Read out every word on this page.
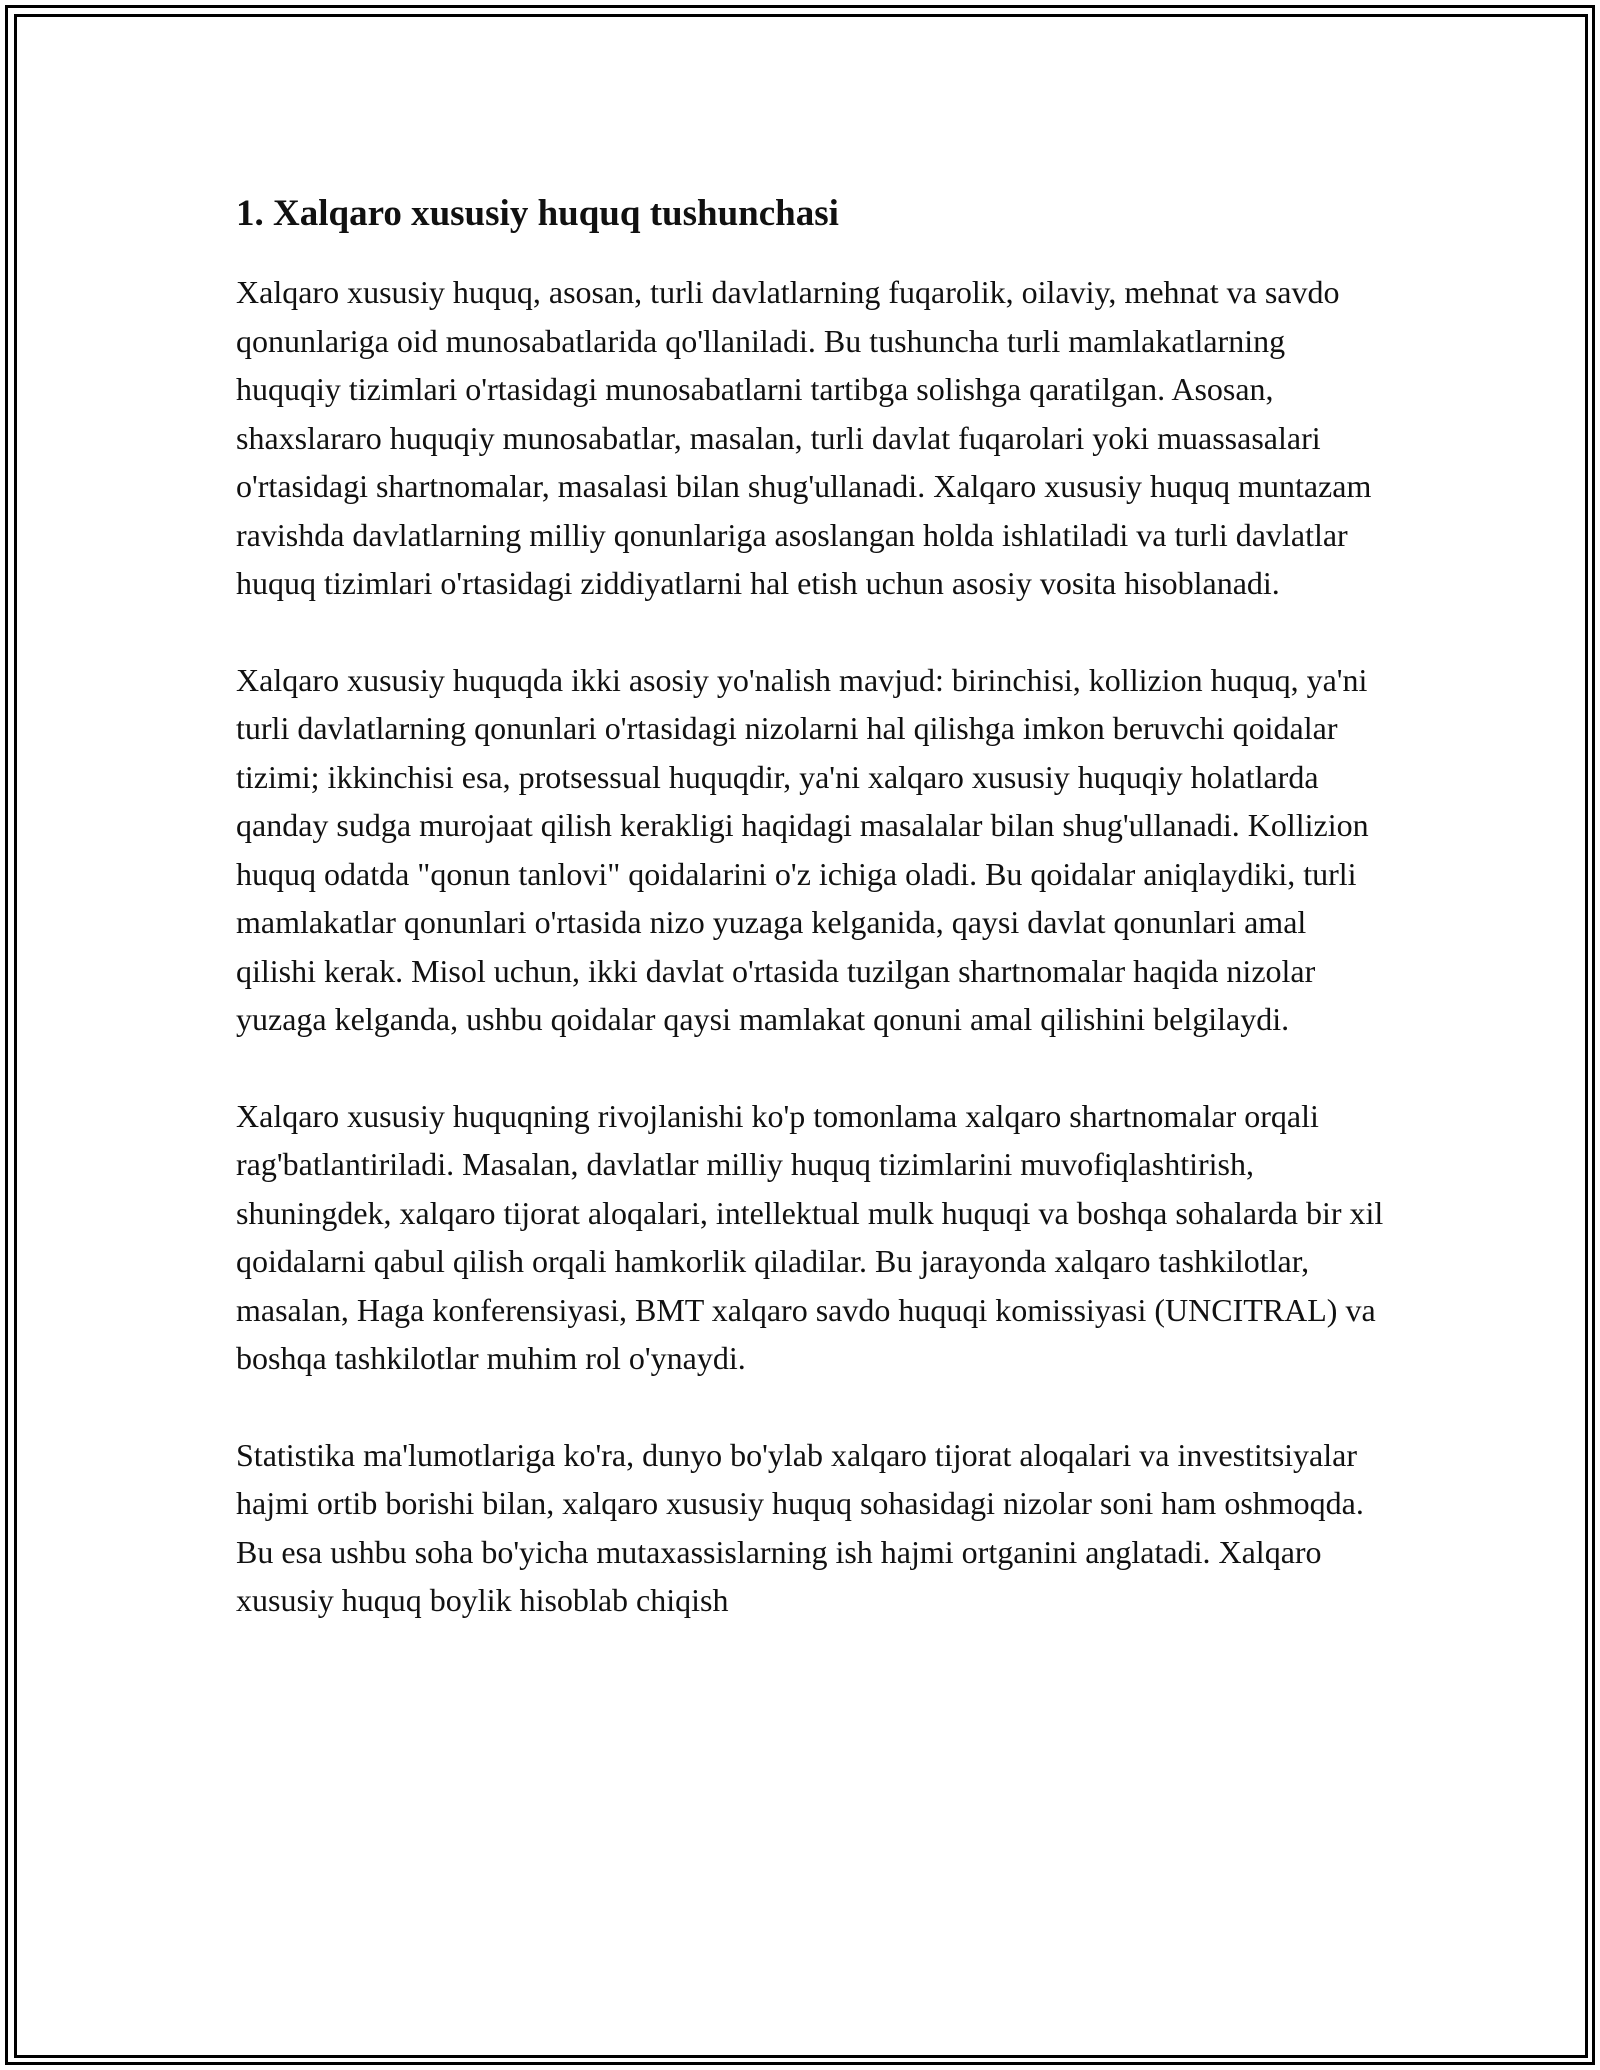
1. Xalqaro xususiy huquq tushunchasi

Xalqaro xususiy huquq, asosan, turli davlatlarning fuqarolik, oilaviy, mehnat va savdo qonunlariga oid munosabatlarida qo'llaniladi. Bu tushuncha turli mamlakatlarning huquqiy tizimlari o'rtasidagi munosabatlarni tartibga solishga qaratilgan. Asosan, shaxslararo huquqiy munosabatlar, masalan, turli davlat fuqarolari yoki muassasalari o'rtasidagi shartnomalar, masalasi bilan shug'ullanadi. Xalqaro xususiy huquq muntazam ravishda davlatlarning milliy qonunlariga asoslangan holda ishlatiladi va turli davlatlar huquq tizimlari o'rtasidagi ziddiyatlarni hal etish uchun asosiy vosita hisoblanadi.

Xalqaro xususiy huquqda ikki asosiy yo'nalish mavjud: birinchisi, kollizion huquq, ya'ni turli davlatlarning qonunlari o'rtasidagi nizolarni hal qilishga imkon beruvchi qoidalar tizimi; ikkinchisi esa, protsessual huquqdir, ya'ni xalqaro xususiy huquqiy holatlarda qanday sudga murojaat qilish kerakligi haqidagi masalalar bilan shug'ullanadi. Kollizion huquq odatda "qonun tanlovi" qoidalarini o'z ichiga oladi. Bu qoidalar aniqlaydiki, turli mamlakatlar qonunlari o'rtasida nizo yuzaga kelganida, qaysi davlat qonunlari amal qilishi kerak. Misol uchun, ikki davlat o'rtasida tuzilgan shartnomalar haqida nizolar yuzaga kelganda, ushbu qoidalar qaysi mamlakat qonuni amal qilishini belgilaydi.

Xalqaro xususiy huquqning rivojlanishi ko'p tomonlama xalqaro shartnomalar orqali rag'batlantiriladi. Masalan, davlatlar milliy huquq tizimlarini muvofiqlashtirish, shuningdek, xalqaro tijorat aloqalari, intellektual mulk huquqi va boshqa sohalarda bir xil qoidalarni qabul qilish orqali hamkorlik qiladilar. Bu jarayonda xalqaro tashkilotlar, masalan, Haga konferensiyasi, BMT xalqaro savdo huquqi komissiyasi (UNCITRAL) va boshqa tashkilotlar muhim rol o'ynaydi.

Statistika ma'lumotlariga ko'ra, dunyo bo'ylab xalqaro tijorat aloqalari va investitsiyalar hajmi ortib borishi bilan, xalqaro xususiy huquq sohasidagi nizolar soni ham oshmoqda. Bu esa ushbu soha bo'yicha mutaxassislarning ish hajmi ortganini anglatadi. Xalqaro xususiy huquq boylik hisoblab chiqish
